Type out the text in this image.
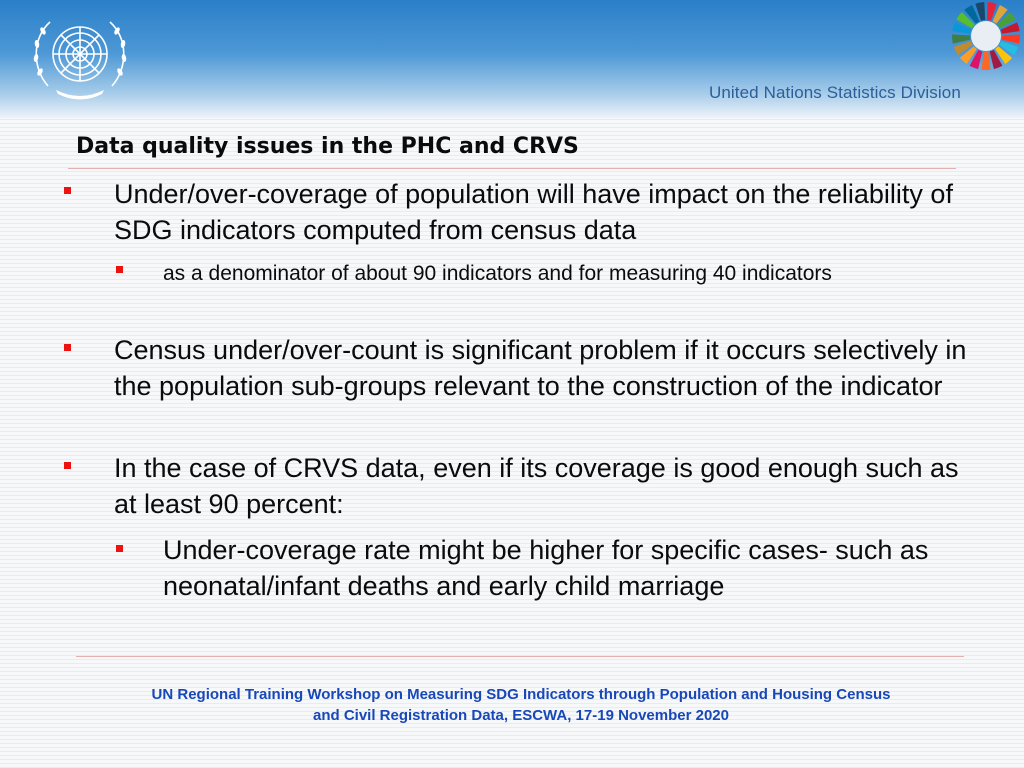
United Nations Statistics Division
Data quality issues in the PHC and CRVS

Under/over-coverage of population will have impact on the reliability of SDG indicators computed from census data

as a denominator of about 90 indicators and for measuring 40 indicators

Census under/over-count is significant problem if it occurs selectively in the population sub-groups relevant to the construction of the indicator

In the case of CRVS data, even if its coverage is good enough such as at least 90 percent:

Under-coverage rate might be higher for specific cases- such as neonatal/infant deaths and early child marriage

UN Regional Training Workshop on Measuring SDG Indicators through Population and Housing Census
and Civil Registration Data, ESCWA, 17-19 November 2020
